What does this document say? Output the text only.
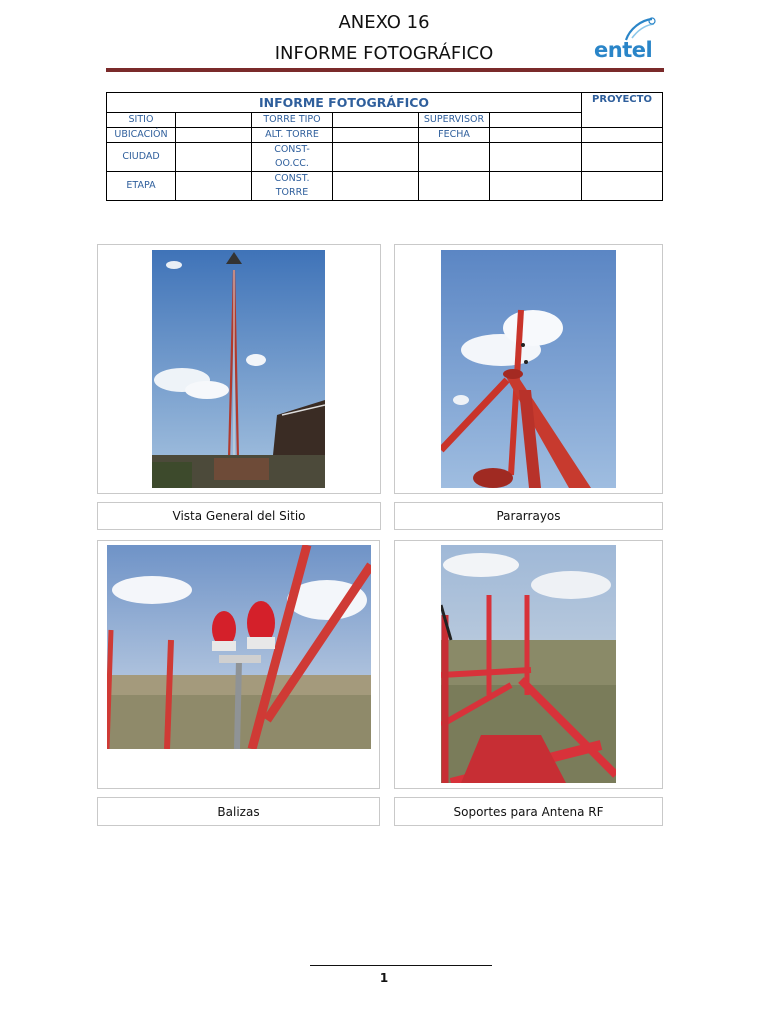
ANEXO 16
INFORME FOTOGRÁFICO	entel
INFORME FOTOGRÁFICO						PROYECTO
SITIO		TORRE TIPO		SUPERVISOR		
UBICACIÓN		ALT. TORRE		FECHA		
CIUDAD		CONST-
OO.CC.				
ETAPA		CONST.
TORRE				
Vista General del Sitio	Pararrayos
Balizas	Soportes para Antena RF
1
